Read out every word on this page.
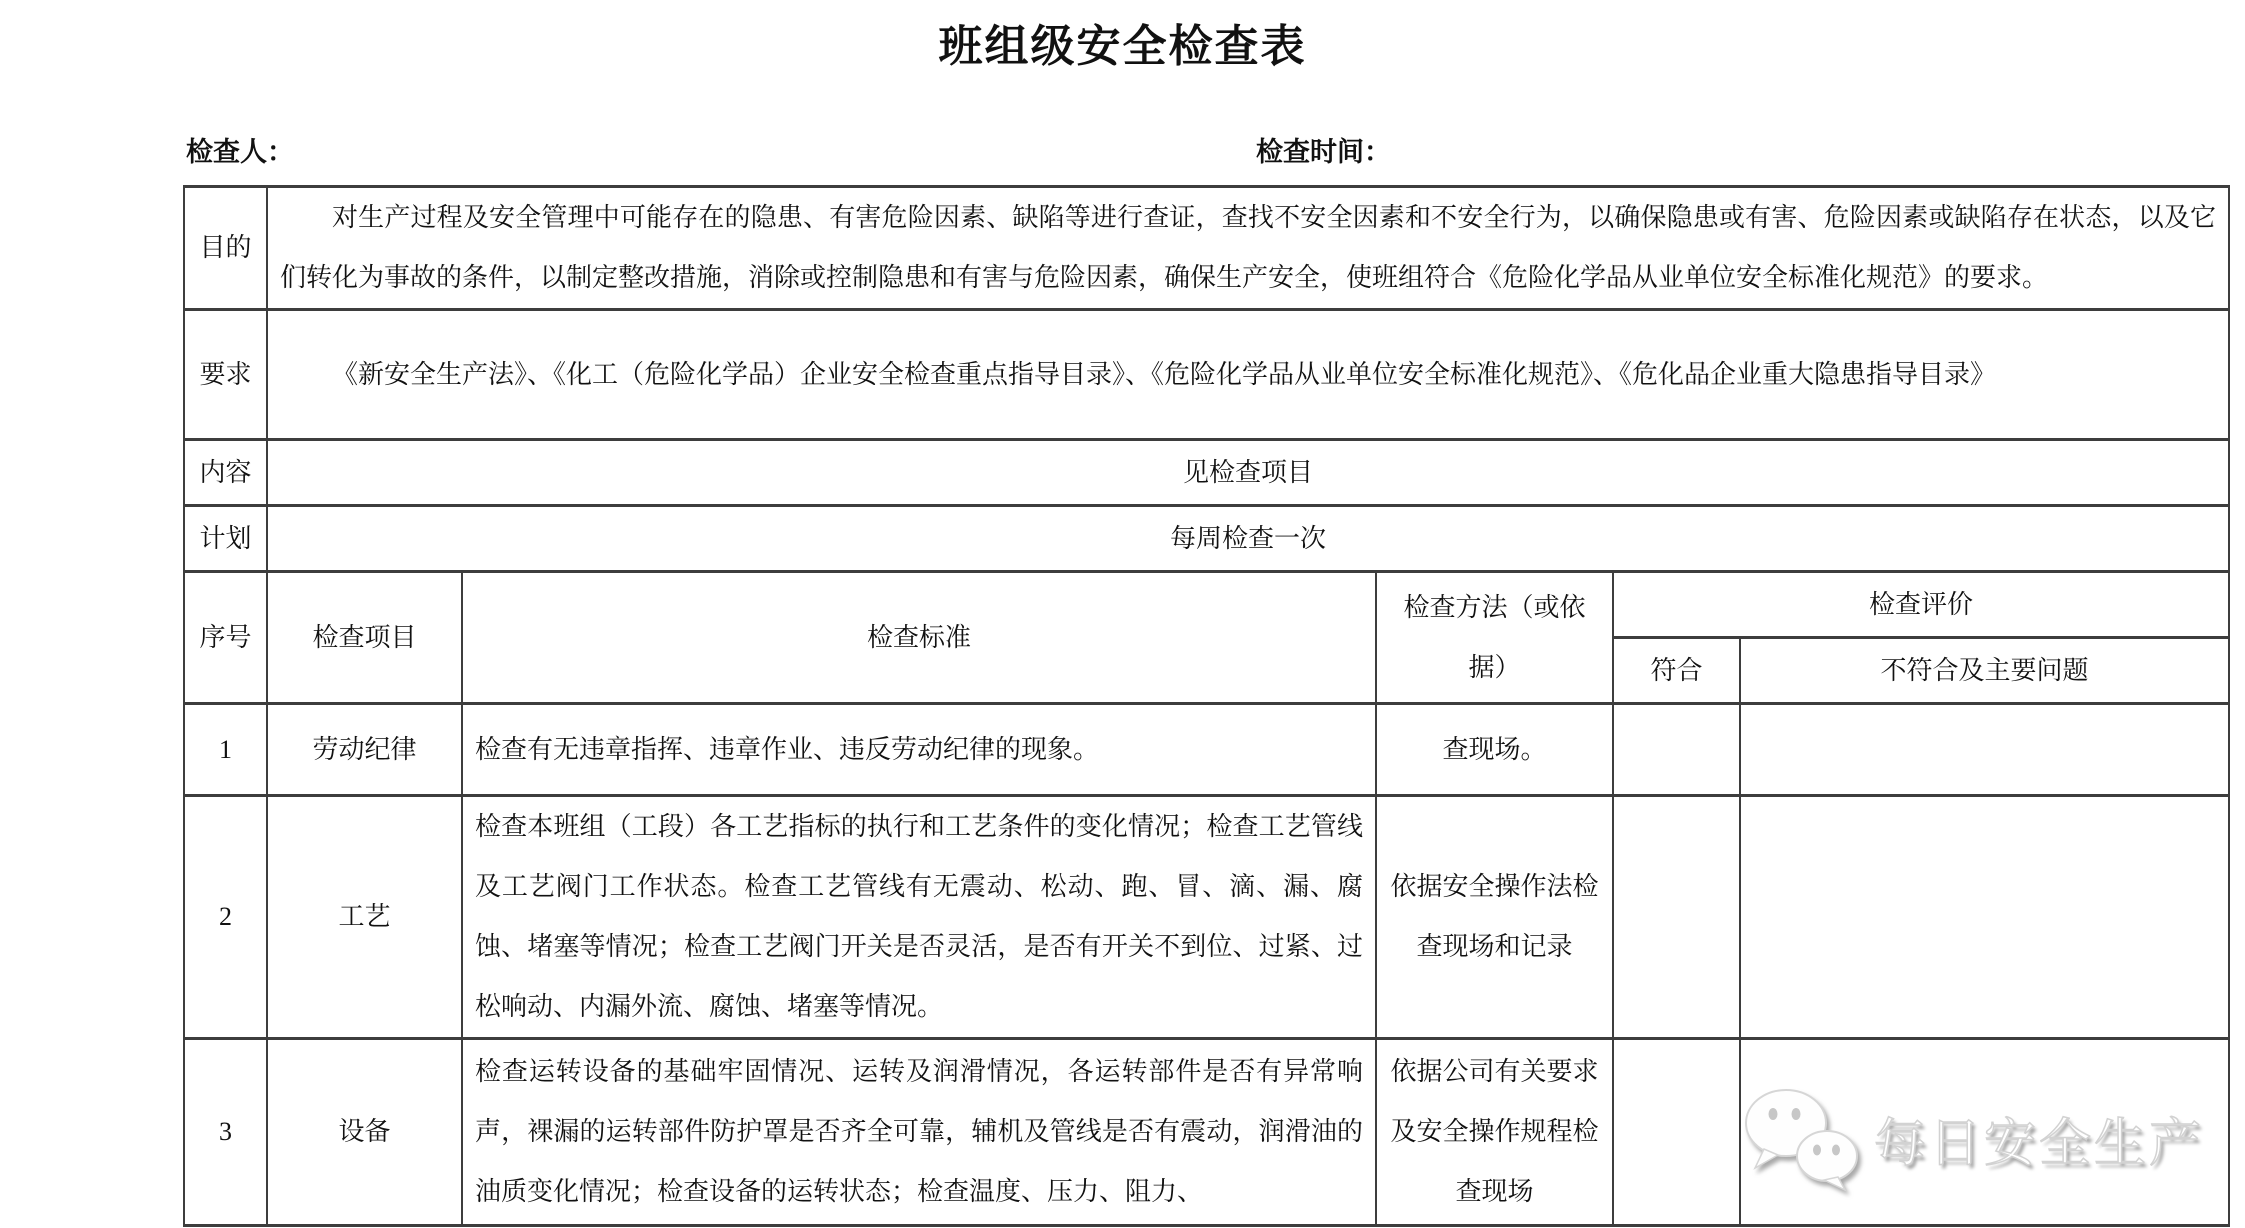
班组级安全检查表
检查人：	检查时间：
目的	对生产过程及安全管理中可能存在的隐患、有害危险因素、缺陷等进行查证，查找不安全因素和不安全行为，以确保隐患或有害、危险因素或缺陷存在状态，以及它们转化为事故的条件，以制定整改措施，消除或控制隐患和有害与危险因素，确保生产安全，使班组符合《危险化学品从业单位安全标准化规范》的要求。				
要求	《新安全生产法》、《化工（危险化学品）企业安全检查重点指导目录》、《危险化学品从业单位安全标准化规范》、《危化品企业重大隐患指导目录》				
内容	见检查项目				
计划	每周检查一次				
序号	检查项目	检查标准	检查方法（或依据）	检查评价	
				符合	不符合及主要问题
1	劳动纪律	检查有无违章指挥、违章作业、违反劳动纪律的现象。	查现场。		
2	工艺	检查本班组（工段）各工艺指标的执行和工艺条件的变化情况；检查工艺管线及工艺阀门工作状态。检查工艺管线有无震动、松动、跑、冒、滴、漏、腐蚀、堵塞等情况；检查工艺阀门开关是否灵活，是否有开关不到位、过紧、过松响动、内漏外流、腐蚀、堵塞等情况。	依据安全操作法检查现场和记录		
3	设备	检查运转设备的基础牢固情况、运转及润滑情况，各运转部件是否有异常响声，裸漏的运转部件防护罩是否齐全可靠，辅机及管线是否有震动，润滑油的油质变化情况；检查设备的运转状态；检查温度、压力、阻力、	依据公司有关要求及安全操作规程检查现场		
每日安全生产
